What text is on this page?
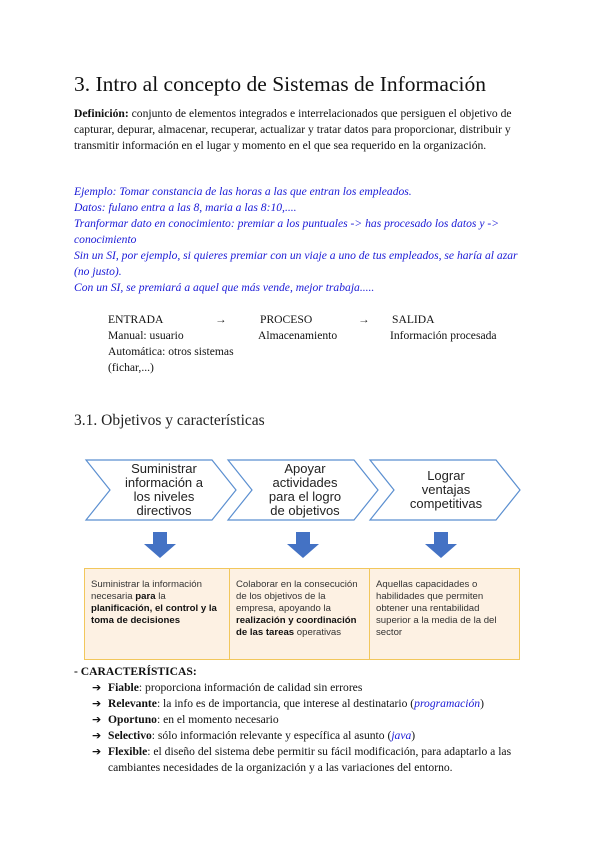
3. Intro al concepto de Sistemas de Información
Definición: conjunto de elementos integrados e interrelacionados que persiguen el objetivo de capturar, depurar, almacenar, recuperar, actualizar y tratar datos para proporcionar, distribuir y transmitir información en el lugar y momento en el que sea requerido en la organización.
Ejemplo: Tomar constancia de las horas a las que entran los empleados.
Datos: fulano entra a las 8, maria a las 8:10,....
Tranformar dato en conocimiento: premiar a los puntuales -> has procesado los datos y -> conocimiento
Sin un SI, por ejemplo, si quieres premiar con un viaje a uno de tus empleados, se haría al azar (no justo).
Con un SI, se premiará a aquel que más vende, mejor trabaja.....
ENTRADA	→	PROCESO	→ SALIDA
Manual: usuario	Almacenamiento	Información procesada
Automática: otros sistemas
(fichar,...)
3.1. Objetivos y características
Suministrar
información a
los niveles
directivos
Apoyar
actividades
para el logro
de objetivos
Lograr
ventajas
competitivas
Suministrar la información necesaria para la planificación, el control y la toma de decisiones
Colaborar en la consecución de los objetivos de la empresa, apoyando la realización y coordinación de las tareas operativas
Aquellas capacidades o habilidades que permiten obtener una rentabilidad superior a la media de la del sector
- CARACTERÍSTICAS:
➔ Fiable: proporciona información de calidad sin errores
➔ Relevante: la info es de importancia, que interese al destinatario (programación)
➔ Oportuno: en el momento necesario
➔ Selectivo: sólo información relevante y específica al asunto (java)
➔ Flexible: el diseño del sistema debe permitir su fácil modificación, para adaptarlo a las cambiantes necesidades de la organización y a las variaciones del entorno.
